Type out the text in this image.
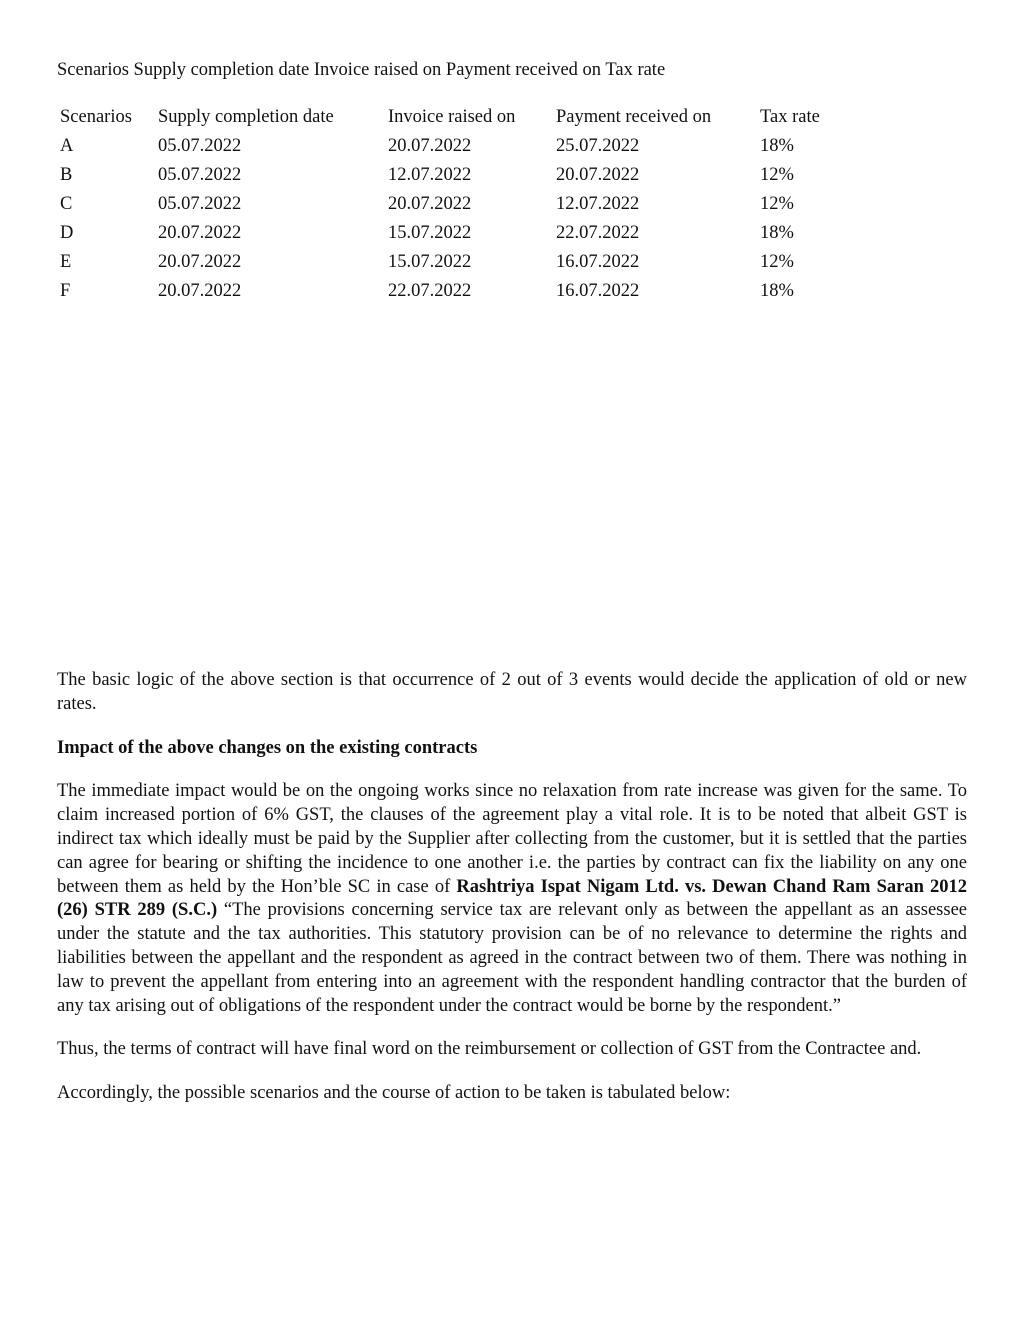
Scenarios Supply completion date Invoice raised on Payment received on Tax rate
Scenarios	Supply completion date	Invoice raised on	Payment received on	Tax rate
A	05.07.2022	20.07.2022	25.07.2022	18%
B	05.07.2022	12.07.2022	20.07.2022	12%
C	05.07.2022	20.07.2022	12.07.2022	12%
D	20.07.2022	15.07.2022	22.07.2022	18%
E	20.07.2022	15.07.2022	16.07.2022	12%
F	20.07.2022	22.07.2022	16.07.2022	18%

The basic logic of the above section is that occurrence of 2 out of 3 events would decide the application of old or new rates.

Impact of the above changes on the existing contracts

The immediate impact would be on the ongoing works since no relaxation from rate increase was given for the same. To claim increased portion of 6% GST, the clauses of the agreement play a vital role. It is to be noted that albeit GST is indirect tax which ideally must be paid by the Supplier after collecting from the customer, but it is settled that the parties can agree for bearing or shifting the incidence to one another i.e. the parties by contract can fix the liability on any one between them as held by the Hon’ble SC in case of Rashtriya Ispat Nigam Ltd. vs. Dewan Chand Ram Saran 2012 (26) STR 289 (S.C.) “The provisions concerning service tax are relevant only as between the appellant as an assessee under the statute and the tax authorities. This statutory provision can be of no relevance to determine the rights and liabilities between the appellant and the respondent as agreed in the contract between two of them. There was nothing in law to prevent the appellant from entering into an agreement with the respondent handling contractor that the burden of any tax arising out of obligations of the respondent under the contract would be borne by the respondent.”

Thus, the terms of contract will have final word on the reimbursement or collection of GST from the Contractee and.

Accordingly, the possible scenarios and the course of action to be taken is tabulated below:
